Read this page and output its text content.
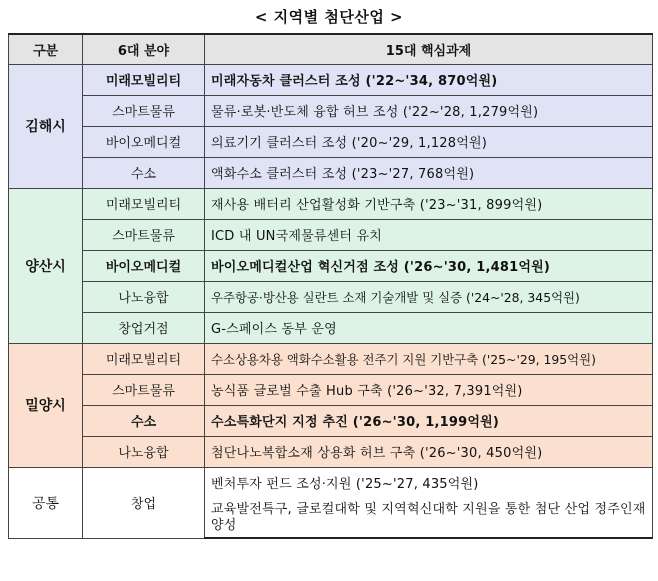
< 지역별 첨단산업 >
구분	6대 분야	15대 핵심과제
김해시	미래모빌리티	미래자동차 클러스터 조성 ('22~'34, 870억원)
	스마트물류	물류·로봇·반도체 융합 허브 조성 ('22~'28, 1,279억원)
	바이오메디컬	의료기기 클러스터 조성 ('20~'29, 1,128억원)
	수소	액화수소 클러스터 조성 ('23~'27, 768억원)
양산시	미래모빌리티	재사용 배터리 산업활성화 기반구축 ('23~'31, 899억원)
	스마트물류	ICD 내 UN국제물류센터 유치
	바이오메디컬	바이오메디컬산업 혁신거점 조성 ('26~'30, 1,481억원)
	나노융합	우주항공·방산용 실란트 소재 기술개발 및 실증 ('24~'28, 345억원)
	창업거점	G-스페이스 동부 운영
밀양시	미래모빌리티	수소상용차용 액화수소활용 전주기 지원 기반구축 ('25~'29, 195억원)
	스마트물류	농식품 글로벌 수출 Hub 구축 ('26~'32, 7,391억원)
	수소	수소특화단지 지정 추진 ('26~'30, 1,199억원)
	나노융합	첨단나노복합소재 상용화 허브 구축 ('26~'30, 450억원)
공통	창업	벤처투자 펀드 조성·지원 ('25~'27, 435억원)
		교육발전특구, 글로컬대학 및 지역혁신대학 지원을 통한 첨단 산업 정주인재 양성
